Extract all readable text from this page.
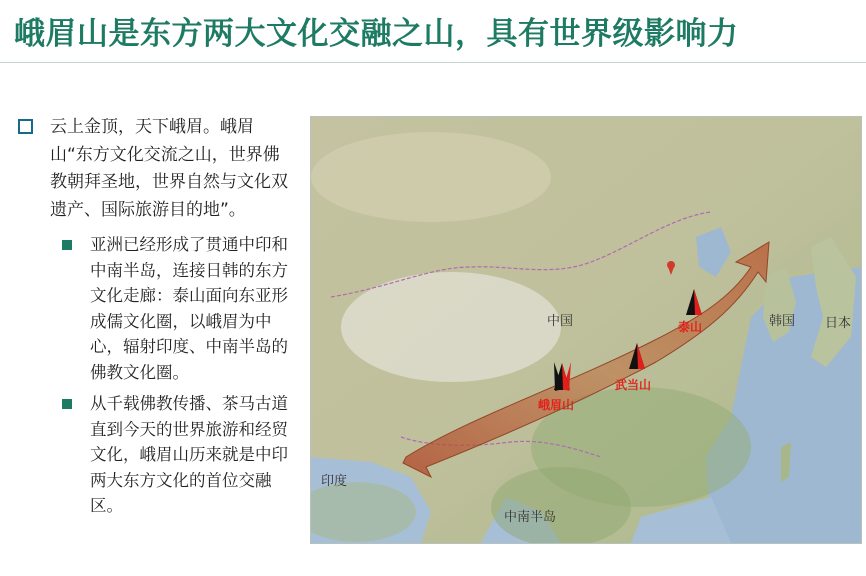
峨眉山是东方两大文化交融之山，具有世界级影响力
云上金顶，天下峨眉。峨眉山“东方文化交流之山，世界佛教朝拜圣地，世界自然与文化双遗产、国际旅游目的地”。
亚洲已经形成了贯通中印和中南半岛，连接日韩的东方文化走廊：泰山面向东亚形成儒文化圈，以峨眉为中心，辐射印度、中南半岛的佛教文化圈。
从千载佛教传播、茶马古道直到今天的世界旅游和经贸文化，峨眉山历来就是中印两大东方文化的首位交融区。
中国	韩国 日本
印度
中南半岛
峨眉山
武当山
泰山
